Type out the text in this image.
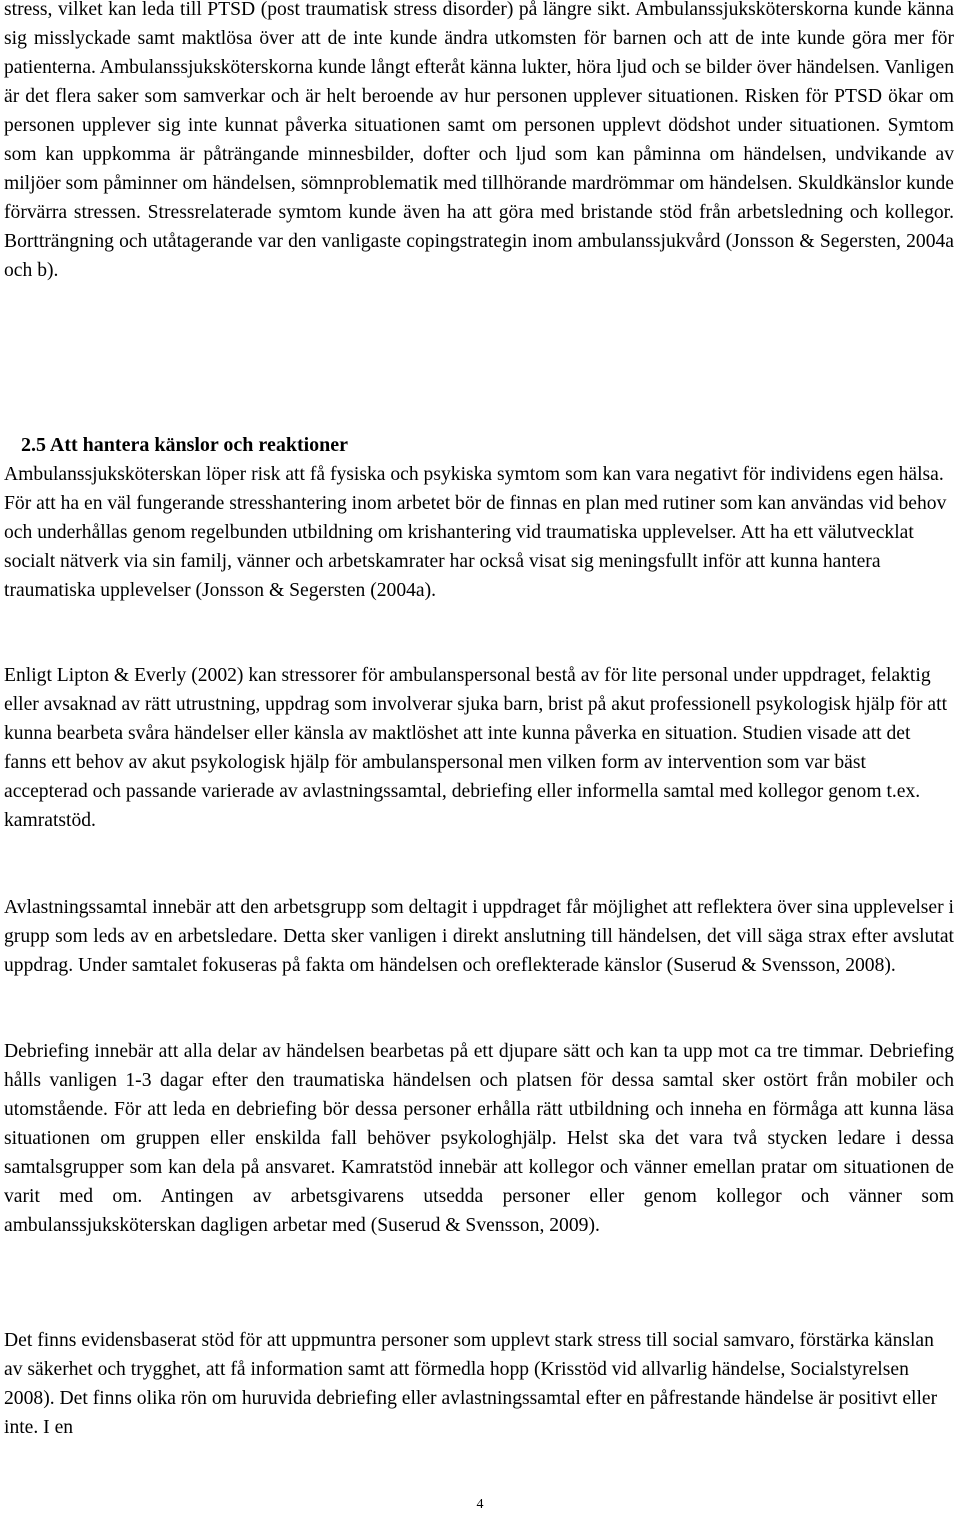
stress, vilket kan leda till PTSD (post traumatisk stress disorder) på längre sikt. Ambulanssjuksköterskorna kunde känna sig misslyckade samt maktlösa över att de inte kunde ändra utkomsten för barnen och att de inte kunde göra mer för patienterna. Ambulanssjuksköterskorna kunde långt efteråt känna lukter, höra ljud och se bilder över händelsen. Vanligen är det flera saker som samverkar och är helt beroende av hur personen upplever situationen. Risken för PTSD ökar om personen upplever sig inte kunnat påverka situationen samt om personen upplevt dödshot under situationen. Symtom som kan uppkomma är påträngande minnesbilder, dofter och ljud som kan påminna om händelsen, undvikande av miljöer som påminner om händelsen, sömnproblematik med tillhörande mardrömmar om händelsen. Skuldkänslor kunde förvärra stressen. Stressrelaterade symtom kunde även ha att göra med bristande stöd från arbetsledning och kollegor. Bortträngning och utåtagerande var den vanligaste copingstrategin inom ambulanssjukvård (Jonsson & Segersten, 2004a och b).

2.5 Att hantera känslor och reaktioner

Ambulanssjuksköterskan löper risk att få fysiska och psykiska symtom som kan vara negativt för individens egen hälsa. För att ha en väl fungerande stresshantering inom arbetet bör de finnas en plan med rutiner som kan användas vid behov och underhållas genom regelbunden utbildning om krishantering vid traumatiska upplevelser. Att ha ett välutvecklat socialt nätverk via sin familj, vänner och arbetskamrater har också visat sig meningsfullt inför att kunna hantera traumatiska upplevelser (Jonsson & Segersten (2004a).

Enligt Lipton & Everly (2002) kan stressorer för ambulanspersonal bestå av för lite personal under uppdraget, felaktig eller avsaknad av rätt utrustning, uppdrag som involverar sjuka barn, brist på akut professionell psykologisk hjälp för att kunna bearbeta svåra händelser eller känsla av maktlöshet att inte kunna påverka en situation. Studien visade att det fanns ett behov av akut psykologisk hjälp för ambulanspersonal men vilken form av intervention som var bäst accepterad och passande varierade av avlastningssamtal, debriefing eller informella samtal med kollegor genom t.ex. kamratstöd.

Avlastningssamtal innebär att den arbetsgrupp som deltagit i uppdraget får möjlighet att reflektera över sina upplevelser i grupp som leds av en arbetsledare. Detta sker vanligen i direkt anslutning till händelsen, det vill säga strax efter avslutat uppdrag. Under samtalet fokuseras på fakta om händelsen och oreflekterade känslor (Suserud & Svensson, 2008).

Debriefing innebär att alla delar av händelsen bearbetas på ett djupare sätt och kan ta upp mot ca tre timmar. Debriefing hålls vanligen 1-3 dagar efter den traumatiska händelsen och platsen för dessa samtal sker ostört från mobiler och utomstående. För att leda en debriefing bör dessa personer erhålla rätt utbildning och inneha en förmåga att kunna läsa situationen om gruppen eller enskilda fall behöver psykologhjälp. Helst ska det vara två stycken ledare i dessa samtalsgrupper som kan dela på ansvaret. Kamratstöd innebär att kollegor och vänner emellan pratar om situationen de varit med om. Antingen av arbetsgivarens utsedda personer eller genom kollegor och vänner som ambulanssjuksköterskan dagligen arbetar med (Suserud & Svensson, 2009).

Det finns evidensbaserat stöd för att uppmuntra personer som upplevt stark stress till social samvaro, förstärka känslan av säkerhet och trygghet, att få information samt att förmedla hopp (Krisstöd vid allvarlig händelse, Socialstyrelsen 2008). Det finns olika rön om huruvida debriefing eller avlastningssamtal efter en påfrestande händelse är positivt eller inte. I en

4
